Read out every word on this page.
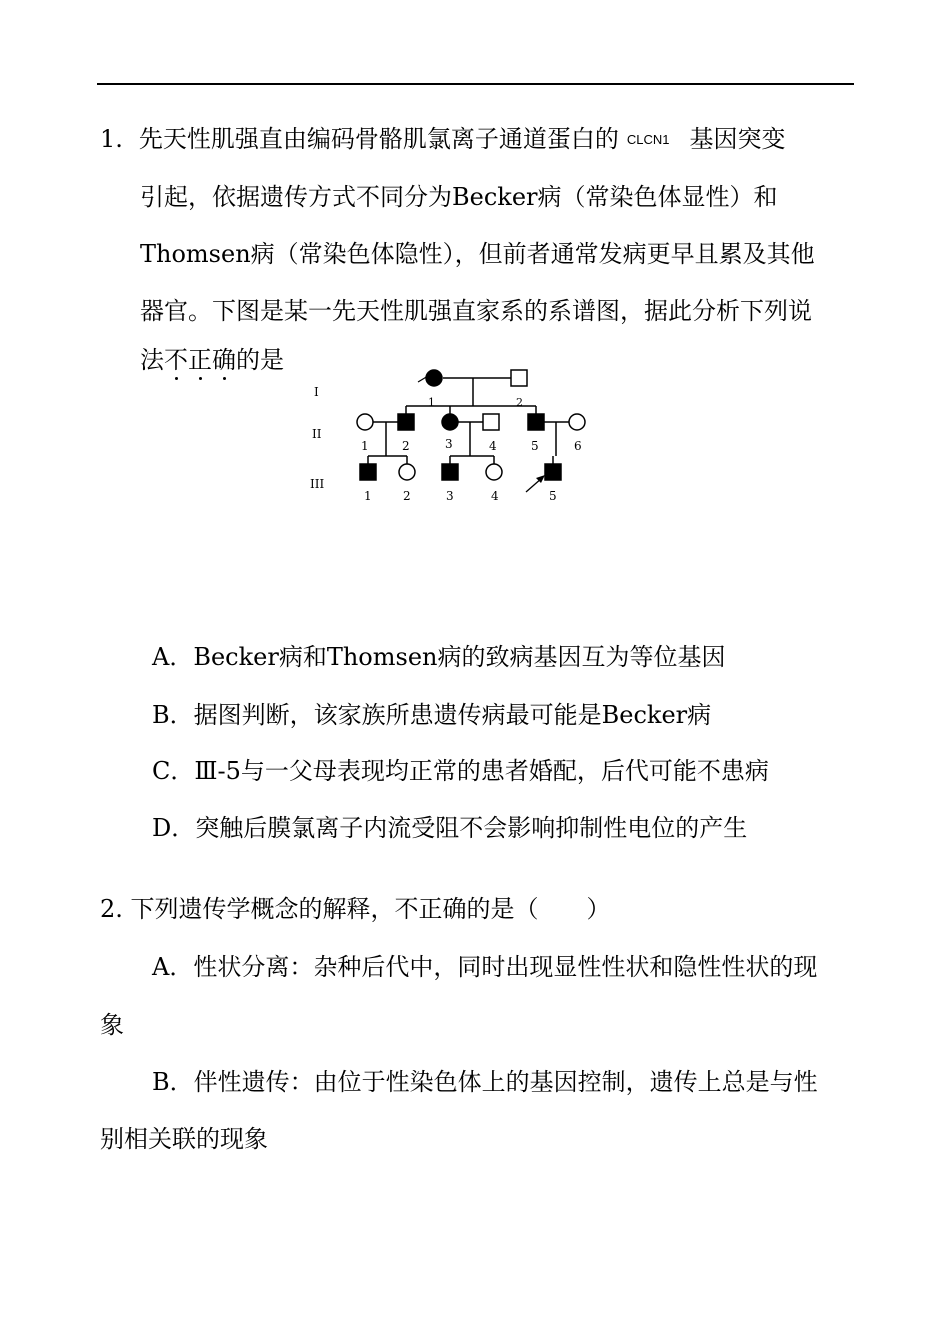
1. 先天性肌强直由编码骨骼肌氯离子通道蛋白的 CLCN1 基因突变
引起，依据遗传方式不同分为Becker病（常染色体显性）和
Thomsen病（常染色体隐性），但前者通常发病更早且累及其他
器官。下图是某一先天性肌强直家系的系谱图，据此分析下列说
法不正确的是
I
II
III
1	2
1	2	3	4	5	6
1	2	3	4	5
A．Becker病和Thomsen病的致病基因互为等位基因
B．据图判断，该家族所患遗传病最可能是Becker病
C．Ⅲ-5与一父母表现均正常的患者婚配，后代可能不患病
D．突触后膜氯离子内流受阻不会影响抑制性电位的产生
2. 下列遗传学概念的解释，不正确的是（　　）
A．性状分离：杂种后代中，同时出现显性性状和隐性性状的现
象
B．伴性遗传：由位于性染色体上的基因控制，遗传上总是与性
别相关联的现象
